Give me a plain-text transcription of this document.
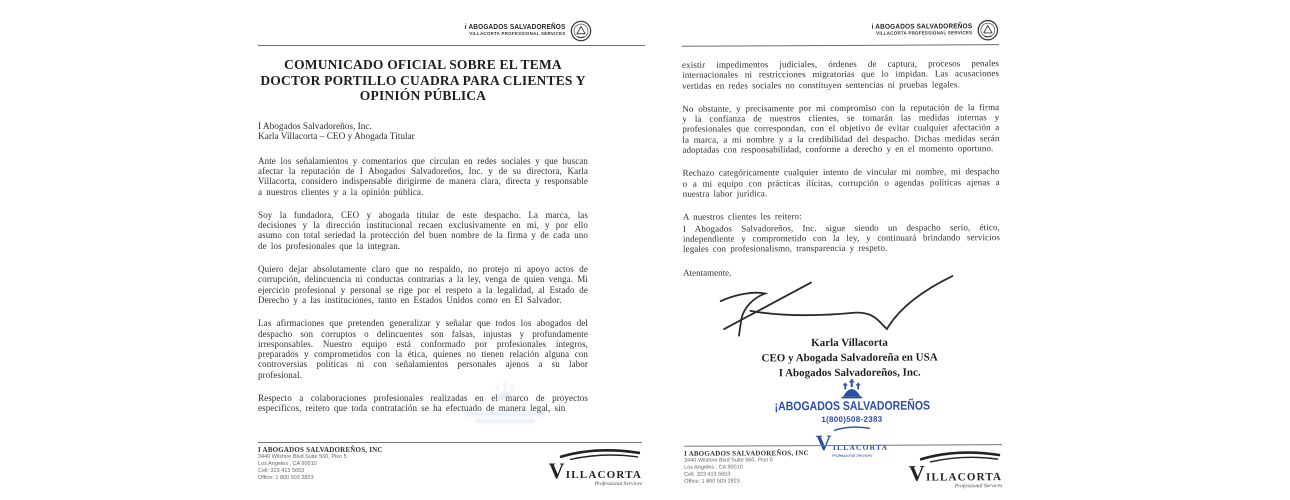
i ABOGADOS SALVADOREÑOS
VILLACORTA PROFESSIONAL SERVICES
COMUNICADO OFICIAL SOBRE EL TEMA DOCTOR PORTILLO CUADRA PARA CLIENTES Y OPINIÓN PÚBLICA
I Abogados Salvadoreños, Inc.
Karla Villacorta – CEO y Abogada Titular

Ante los señalamientos y comentarios que circulan en redes sociales y que buscan afectar la reputación de I Abogados Salvadoreños, Inc. y de su directora, Karla Villacorta, considero indispensable dirigirme de manera clara, directa y responsable a nuestros clientes y a la opinión pública.

Soy la fundadora, CEO y abogada titular de este despacho. La marca, las decisiones y la dirección institucional recaen exclusivamente en mí, y por ello asumo con total seriedad la protección del buen nombre de la firma y de cada uno de los profesionales que la integran.

Quiero dejar absolutamente claro que no respaldo, no protejo ni apoyo actos de corrupción, delincuencia ni conductas contrarias a la ley, venga de quien venga. Mi ejercicio profesional y personal se rige por el respeto a la legalidad, al Estado de Derecho y a las instituciones, tanto en Estados Unidos como en El Salvador.

Las afirmaciones que pretenden generalizar y señalar que todos los abogados del despacho son corruptos o delincuentes son falsas, injustas y profundamente irresponsables. Nuestro equipo está conformado por profesionales íntegros, preparados y comprometidos con la ética, quienes no tienen relación alguna con controversias políticas ni con señalamientos personales ajenos a su labor profesional.

Respecto a colaboraciones profesionales realizadas en el marco de proyectos específicos, reitero que toda contratación se ha efectuado de manera legal, sin

I ABOGADOS SALVADOREÑOS, INC
3440 Wilshire Blvd Suite 560, Piso 5
Los Angeles , CA 90010
Cell: 323 413 5653
Office: 1 800 503 2823	VILLACORTA
Professional Services
i ABOGADOS SALVADOREÑOS
VILLACORTA PROFESSIONAL SERVICES

existir impedimentos judiciales, órdenes de captura, procesos penales internacionales ni restricciones migratorias que lo impidan. Las acusaciones vertidas en redes sociales no constituyen sentencias ni pruebas legales.

No obstante, y precisamente por mi compromiso con la reputación de la firma y la confianza de nuestros clientes, se tomarán las medidas internas y profesionales que correspondan, con el objetivo de evitar cualquier afectación a la marca, a mi nombre y a la credibilidad del despacho. Dichas medidas serán adoptadas con responsabilidad, conforme a derecho y en el momento oportuno.

Rechazo categóricamente cualquier intento de vincular mi nombre, mi despacho o a mi equipo con prácticas ilícitas, corrupción o agendas políticas ajenas a nuestra labor jurídica.

A nuestros clientes les reitero:

I Abogados Salvadoreños, Inc. sigue siendo un despacho serio, ético, independiente y comprometido con la ley, y continuará brindando servicios legales con profesionalismo, transparencia y respeto.

Atentamente,

Karla Villacorta
CEO y Abogada Salvadoreña en USA
I Abogados Salvadoreños, Inc.
¡ABOGADOS SALVADOREÑOS
1(800)508-2383
VILLACORTA
Professional Services
I ABOGADOS SALVADOREÑOS, INC
3440 Wilshire Blvd Suite 560, Piso 5
Los Angeles , CA 90010
Cell: 323 413 5653
Office: 1 800 503 2823	VILLACORTA
Professional Services
